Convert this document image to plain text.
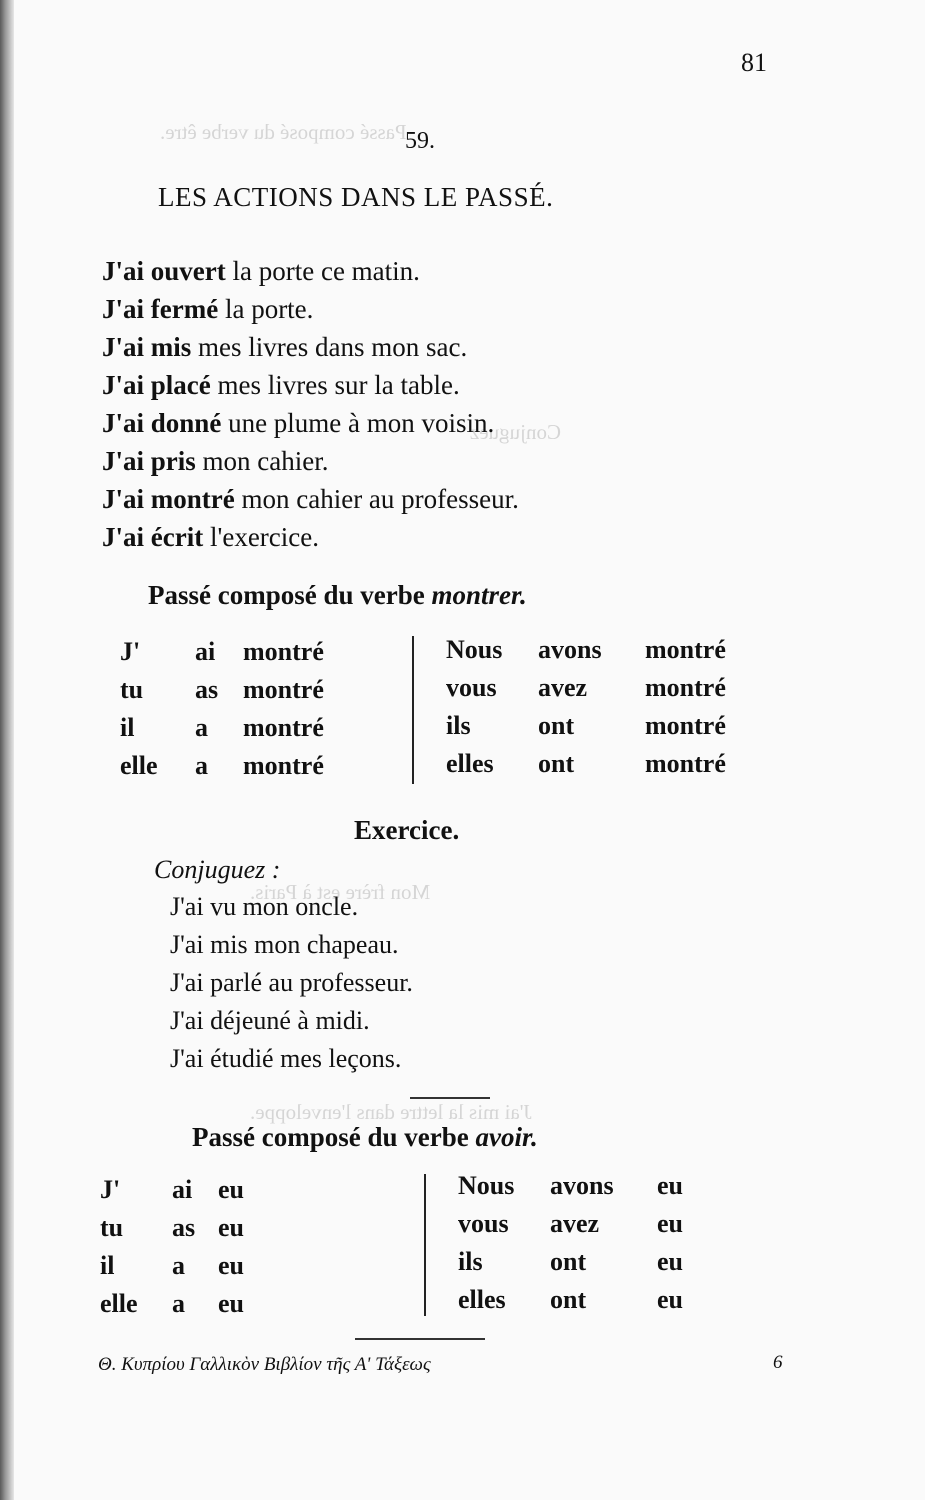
Passé composé du verbe être.
Conjuguez
Mon frère est à Paris.
J'ai mis la lettre dans l'enveloppe.
81
59.
LES ACTIONS DANS LE PASSÉ.
J'ai ouvert la porte ce matin.
J'ai fermé la porte.
J'ai mis mes livres dans mon sac.
J'ai placé mes livres sur la table.
J'ai donné une plume à mon voisin.
J'ai pris mon cahier.
J'ai montré mon cahier au professeur.
J'ai écrit l'exercice.
Passé composé du verbe montrer.
J' ai montré
tu as montré
il a montré
elle a montré
Nous avons montré
vous avez montré
ils	ont	montré
elles ont	montré
Exercice.
Conjuguez :
J'ai vu mon oncle.
J'ai mis mon chapeau.
J'ai parlé au professeur.
J'ai déjeuné à midi.
J'ai étudié mes leçons.
Passé composé du verbe avoir.
J' ai eu
tu as eu
il a eu
elle a eu
Nous avons eu
vous avez eu
ils	ont	eu
elles ont	eu
Θ. Κυπρίου Γαλλικὸν Βιβλίον τῆς Α' Τάξεως	6
